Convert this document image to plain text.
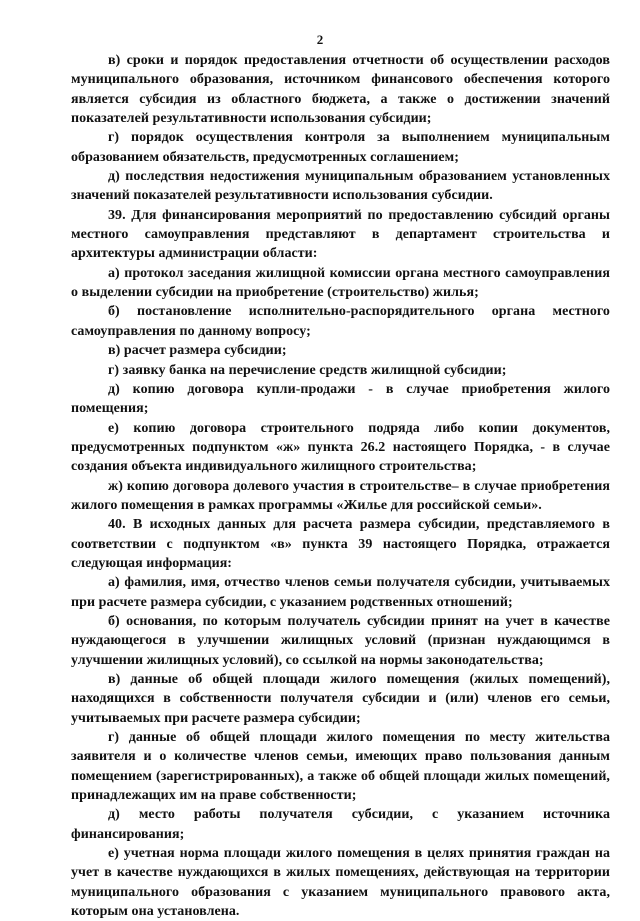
2

в) сроки и порядок предоставления отчетности об осуществлении расходов муниципального образования, источником финансового обеспечения которого является субсидия из областного бюджета, а также о достижении значений показателей результативности использования субсидии;

г) порядок осуществления контроля за выполнением муниципальным образованием обязательств, предусмотренных соглашением;

д) последствия недостижения муниципальным образованием установленных значений показателей результативности использования субсидии.

39. Для финансирования мероприятий по предоставлению субсидий органы местного самоуправления представляют в департамент строительства и архитектуры администрации области:

а) протокол заседания жилищной комиссии органа местного самоуправления о выделении субсидии на приобретение (строительство) жилья;

б) постановление исполнительно-распорядительного органа местного самоуправления по данному вопросу;

в) расчет размера субсидии;

г) заявку банка на перечисление средств жилищной субсидии;

д) копию договора купли-продажи - в случае приобретения жилого помещения;

е) копию договора строительного подряда либо копии документов, предусмотренных подпунктом «ж» пункта 26.2 настоящего Порядка, - в случае создания объекта индивидуального жилищного строительства;

ж) копию договора долевого участия в строительстве– в случае приобретения жилого помещения в рамках программы «Жилье для российской семьи».

40. В исходных данных для расчета размера субсидии, представляемого в соответствии с подпунктом «в» пункта 39 настоящего Порядка, отражается следующая информация:

а) фамилия, имя, отчество членов семьи получателя субсидии, учитываемых при расчете размера субсидии, с указанием родственных отношений;

б) основания, по которым получатель субсидии принят на учет в качестве нуждающегося в улучшении жилищных условий (признан нуждающимся в улучшении жилищных условий), со ссылкой на нормы законодательства;

в) данные об общей площади жилого помещения (жилых помещений), находящихся в собственности получателя субсидии и (или) членов его семьи, учитываемых при расчете размера субсидии;

г) данные об общей площади жилого помещения по месту жительства заявителя и о количестве членов семьи, имеющих право пользования данным помещением (зарегистрированных), а также об общей площади жилых помещений, принадлежащих им на праве собственности;

д) место работы получателя субсидии, с указанием источника финансирования;

е) учетная норма площади жилого помещения в целях принятия граждан на учет в качестве нуждающихся в жилых помещениях, действующая на территории муниципального образования с указанием муниципального правового акта, которым она установлена.
